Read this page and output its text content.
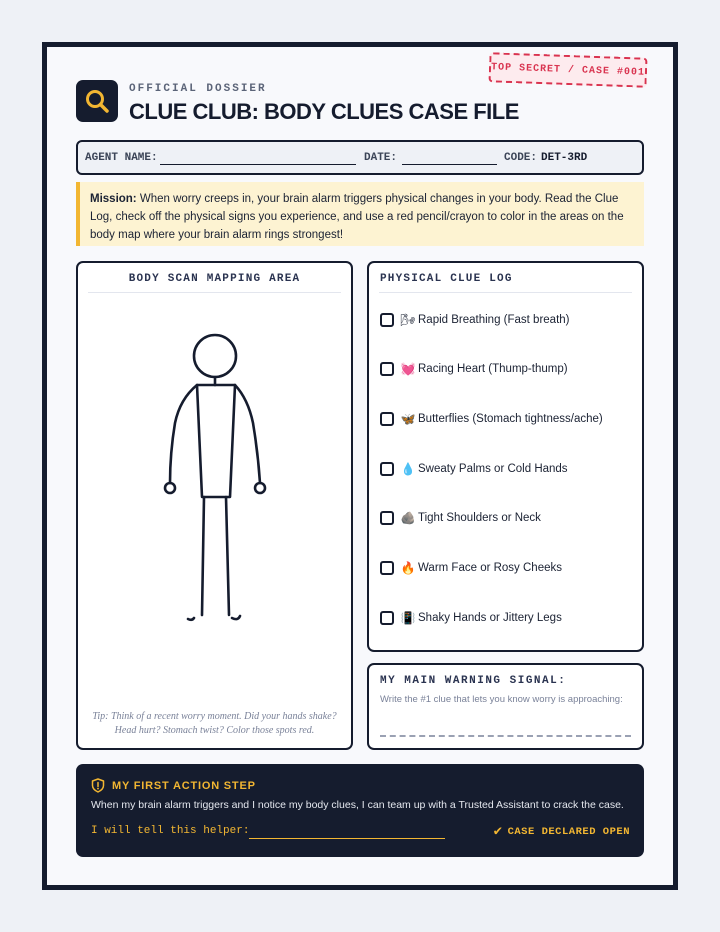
TOP SECRET / CASE #001
OFFICIAL DOSSIER
CLUE CLUB: BODY CLUES CASE FILE
AGENT NAME:	DATE:	CODE: DET-3RD
Mission: When worry creeps in, your brain alarm triggers physical changes in your body. Read the Clue Log, check off the physical signs you experience, and use a red pencil/crayon to color in the areas on the body map where your brain alarm rings strongest!
BODY SCAN MAPPING AREA
Tip: Think of a recent worry moment. Did your hands shake? Head hurt? Stomach twist? Color those spots red.
PHYSICAL CLUE LOG
🌬 Rapid Breathing (Fast breath)
💓 Racing Heart (Thump-thump)
🦋 Butterflies (Stomach tightness/ache)
💧 Sweaty Palms or Cold Hands
🪨 Tight Shoulders or Neck
🔥 Warm Face or Rosy Cheeks
📳 Shaky Hands or Jittery Legs
MY MAIN WARNING SIGNAL:
Write the #1 clue that lets you know worry is approaching:
MY FIRST ACTION STEP
When my brain alarm triggers and I notice my body clues, I can team up with a Trusted Assistant to crack the case.
I will tell this helper:	✔ CASE DECLARED OPEN
